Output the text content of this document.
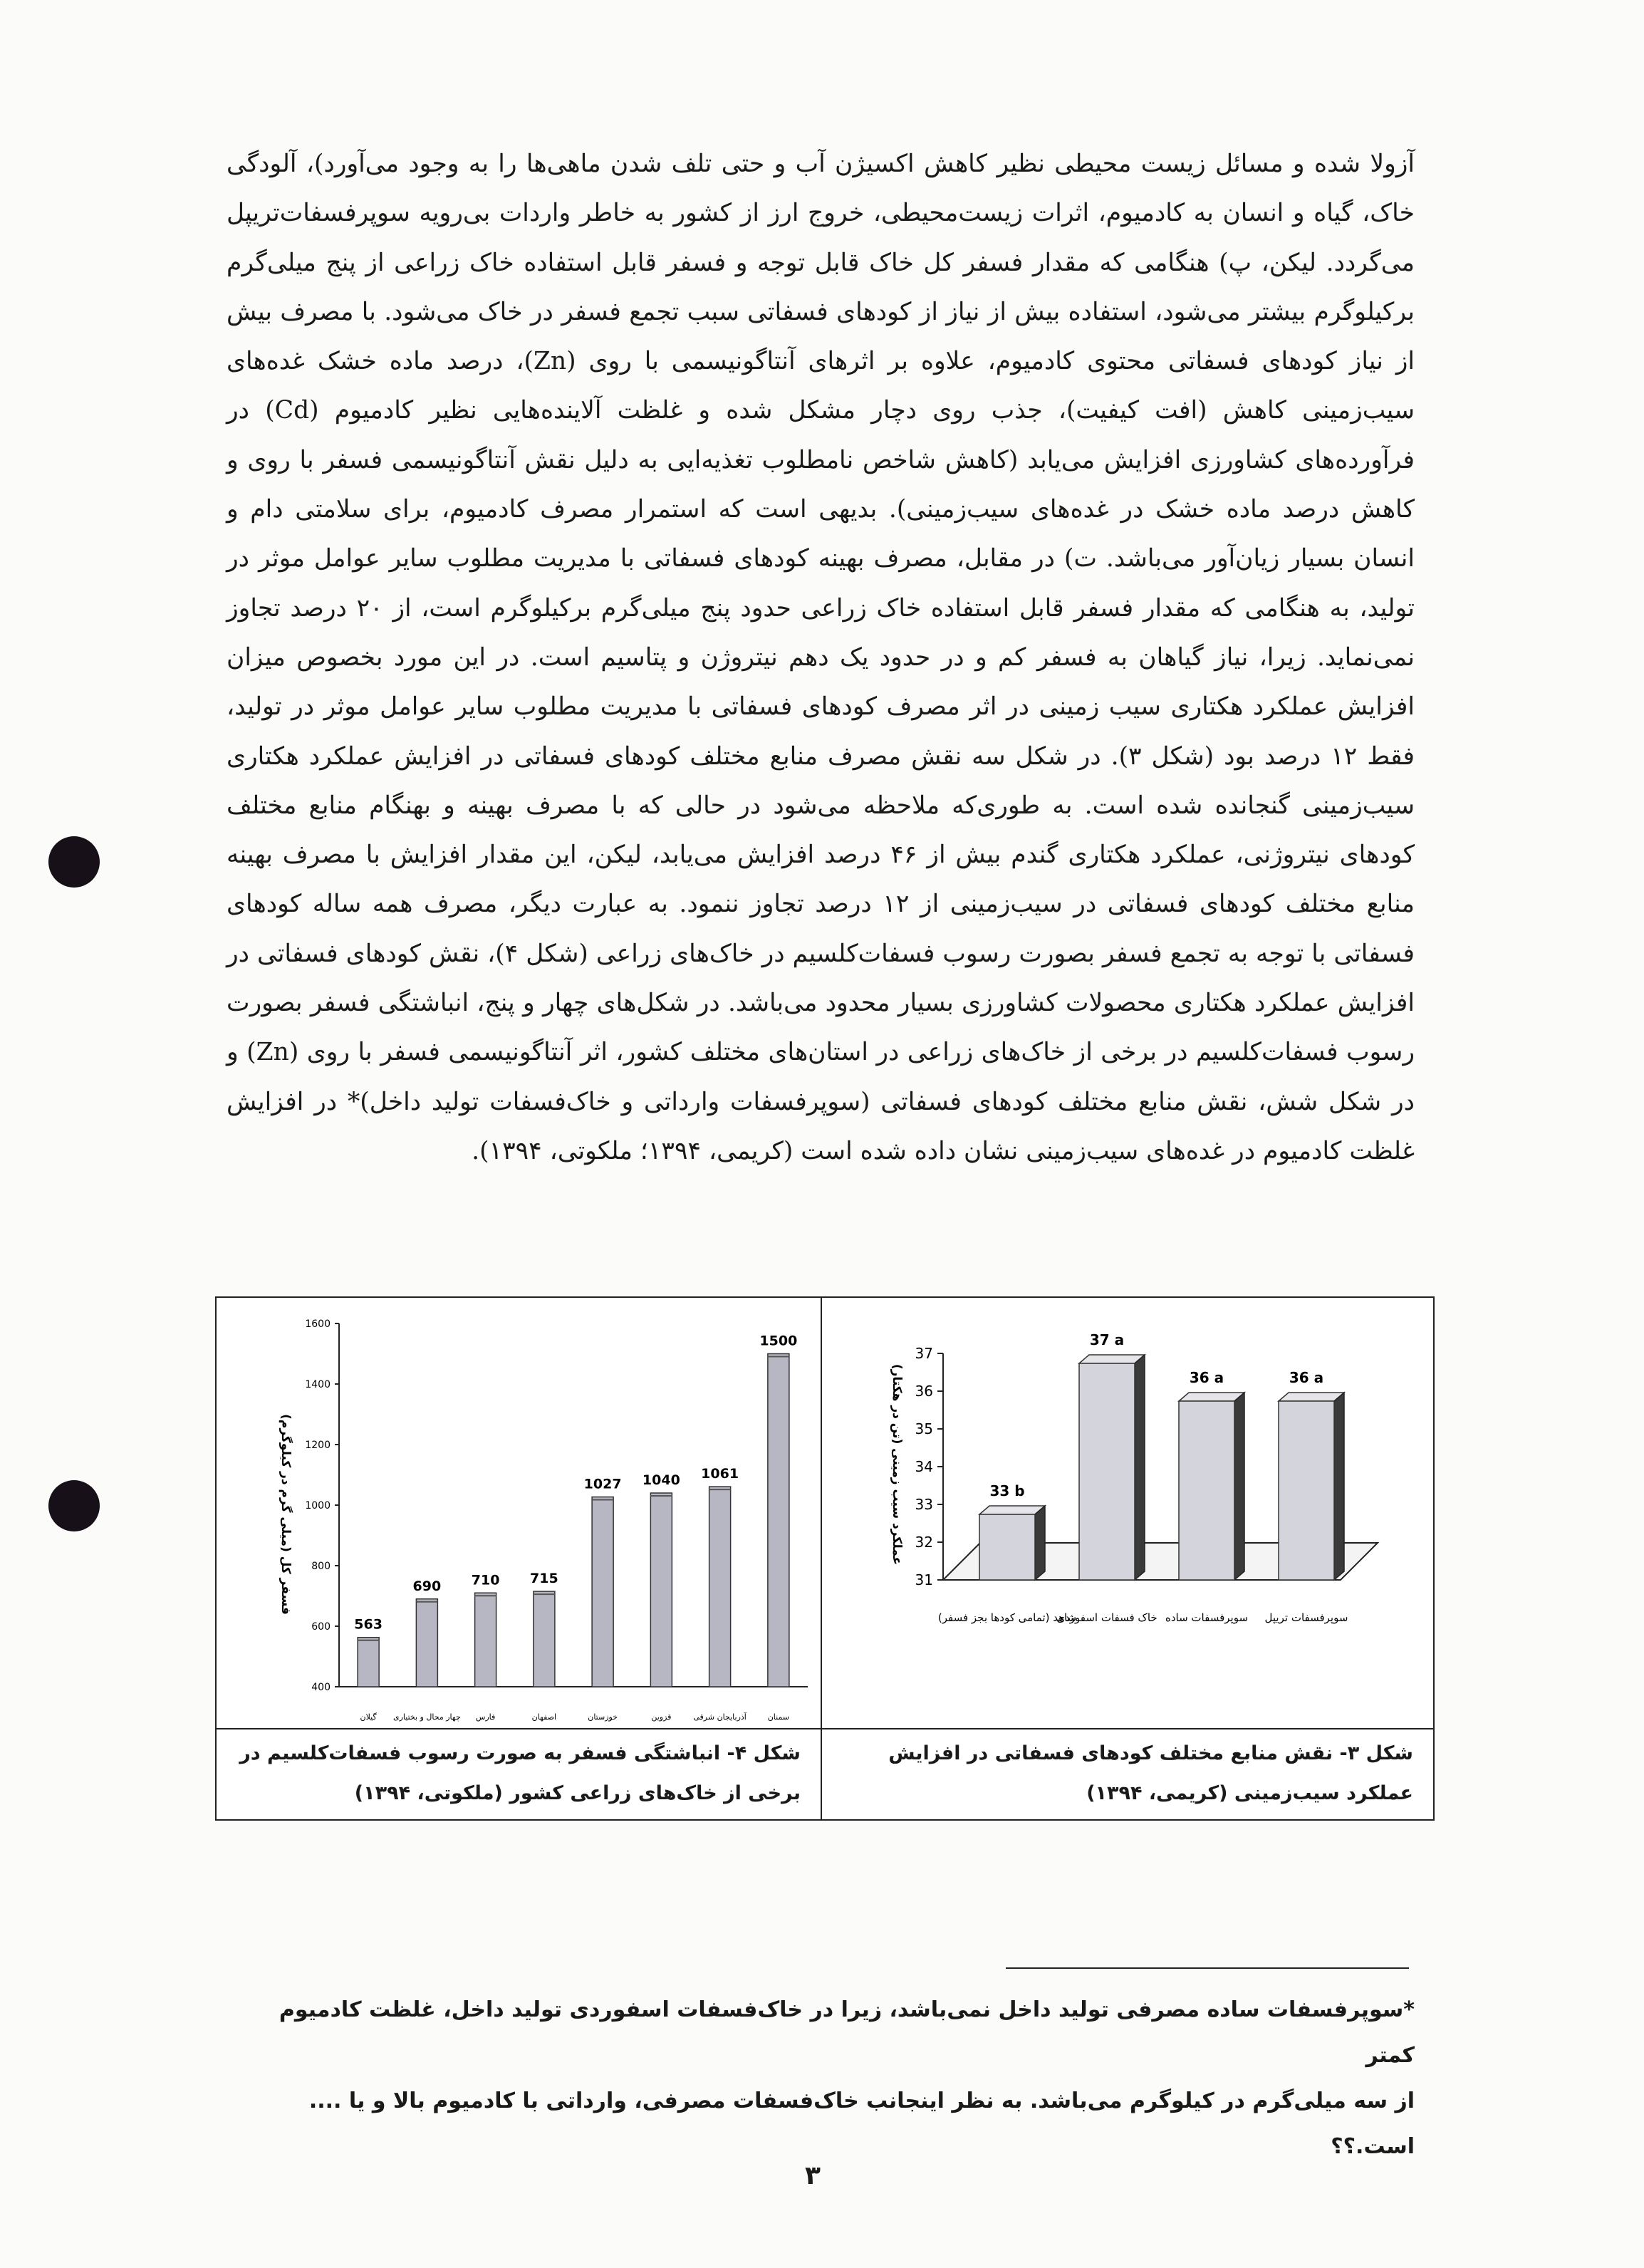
آزولا شده و مسائل زیست محیطی نظیر کاهش اکسیژن آب و حتی تلف شدن ماهی‌ها را به وجود می‌آورد)، آلودگی خاک، گیاه و انسان به کادمیوم، اثرات زیست‌محیطی، خروج ارز از کشور به خاطر واردات بی‌رویه سوپرفسفات‌تریپل می‌گردد. لیکن، پ) هنگامی که مقدار فسفر کل خاک قابل توجه و فسفر قابل استفاده خاک زراعی از پنج میلی‌گرم برکیلوگرم بیشتر می‌شود، استفاده بیش از نیاز از کودهای فسفاتی سبب تجمع فسفر در خاک می‌شود. با مصرف بیش از نیاز کودهای فسفاتی محتوی کادمیوم، علاوه بر اثرهای آنتاگونیسمی با روی (Zn)، درصد ماده خشک غده‌های سیب‌زمینی کاهش (افت کیفیت)، جذب روی دچار مشکل شده و غلظت آلاینده‌هایی نظیر کادمیوم (Cd) در فرآورده‌های کشاورزی افزایش می‌یابد (کاهش شاخص نامطلوب تغذیه‌ایی به دلیل نقش آنتاگونیسمی فسفر با روی و کاهش درصد ماده خشک در غده‌های سیب‌زمینی). بدیهی است که استمرار مصرف کادمیوم، برای سلامتی دام و انسان بسیار زیان‌آور می‌باشد. ت) در مقابل، مصرف بهینه کودهای فسفاتی با مدیریت مطلوب سایر عوامل موثر در تولید، به هنگامی که مقدار فسفر قابل استفاده خاک زراعی حدود پنج میلی‌گرم برکیلوگرم است، از ۲۰ درصد تجاوز نمی‌نماید. زیرا، نیاز گیاهان به فسفر کم و در حدود یک دهم نیتروژن و پتاسیم است. در این مورد بخصوص میزان افزایش عملکرد هکتاری سیب زمینی در اثر مصرف کودهای فسفاتی با مدیریت مطلوب سایر عوامل موثر در تولید، فقط ۱۲ درصد بود (شکل ۳). در شکل سه نقش مصرف منابع مختلف کودهای فسفاتی در افزایش عملکرد هکتاری سیب‌زمینی گنجانده شده است. به طوری‌که ملاحظه می‌شود در حالی که با مصرف بهینه و بهنگام منابع مختلف کودهای نیتروژنی، عملکرد هکتاری گندم بیش از ۴۶ درصد افزایش می‌یابد، لیکن، این مقدار افزایش با مصرف بهینه منابع مختلف کودهای فسفاتی در سیب‌زمینی از ۱۲ درصد تجاوز ننمود. به عبارت دیگر، مصرف همه ساله کودهای فسفاتی با توجه به تجمع فسفر بصورت رسوب فسفات‌کلسیم در خاک‌های زراعی (شکل ۴)، نقش کودهای فسفاتی در افزایش عملکرد هکتاری محصولات کشاورزی بسیار محدود می‌باشد. در شکل‌های چهار و پنج، انباشتگی فسفر بصورت رسوب فسفات‌کلسیم در برخی از خاک‌های زراعی در استان‌های مختلف کشور، اثر آنتاگونیسمی فسفر با روی (Zn) و در شکل شش، نقش منابع مختلف کودهای فسفاتی (سوپرفسفات وارداتی و خاک‌فسفات تولید داخل)* در افزایش غلظت کادمیوم در غده‌های سیب‌زمینی نشان داده شده است (کریمی، ۱۳۹۴؛ ملکوتی، ۱۳۹۴).

فسفر کل (میلی گرم در کیلوگرم)
400
600
800
1000
1200
1400
1600
563
گیلان
690
چهار محال و بختیاری
710
فارس
715
اصفهان
1027
خوزستان
1040
قزوین
1061
آذربایجان شرقی
1500
سمنان
عملکرد سیب زمینی (تن در هکتار)
31
32
33
34
35
36
37
33 b
شاهد (تمامی کودها بجز فسفر)
37 a
خاک فسفات اسفوردی
36 a
سوپرفسفات ساده
36 a
سوپرفسفات تریپل
شکل ۴- انباشتگی فسفر به صورت رسوب فسفات‌کلسیم در
برخی از خاک‌های زراعی کشور (ملکوتی، ۱۳۹۴)
شکل ۳- نقش منابع مختلف کودهای فسفاتی در افزایش
عملکرد سیب‌زمینی (کریمی، ۱۳۹۴)

*سوپرفسفات ساده مصرفی تولید داخل نمی‌باشد، زیرا در خاک‌فسفات اسفوردی تولید داخل، غلظت کادمیوم کمتر

از سه میلی‌گرم در کیلوگرم می‌باشد. به نظر اینجانب خاک‌فسفات مصرفی، وارداتی با کادمیوم بالا و یا .... است.؟؟

۳
